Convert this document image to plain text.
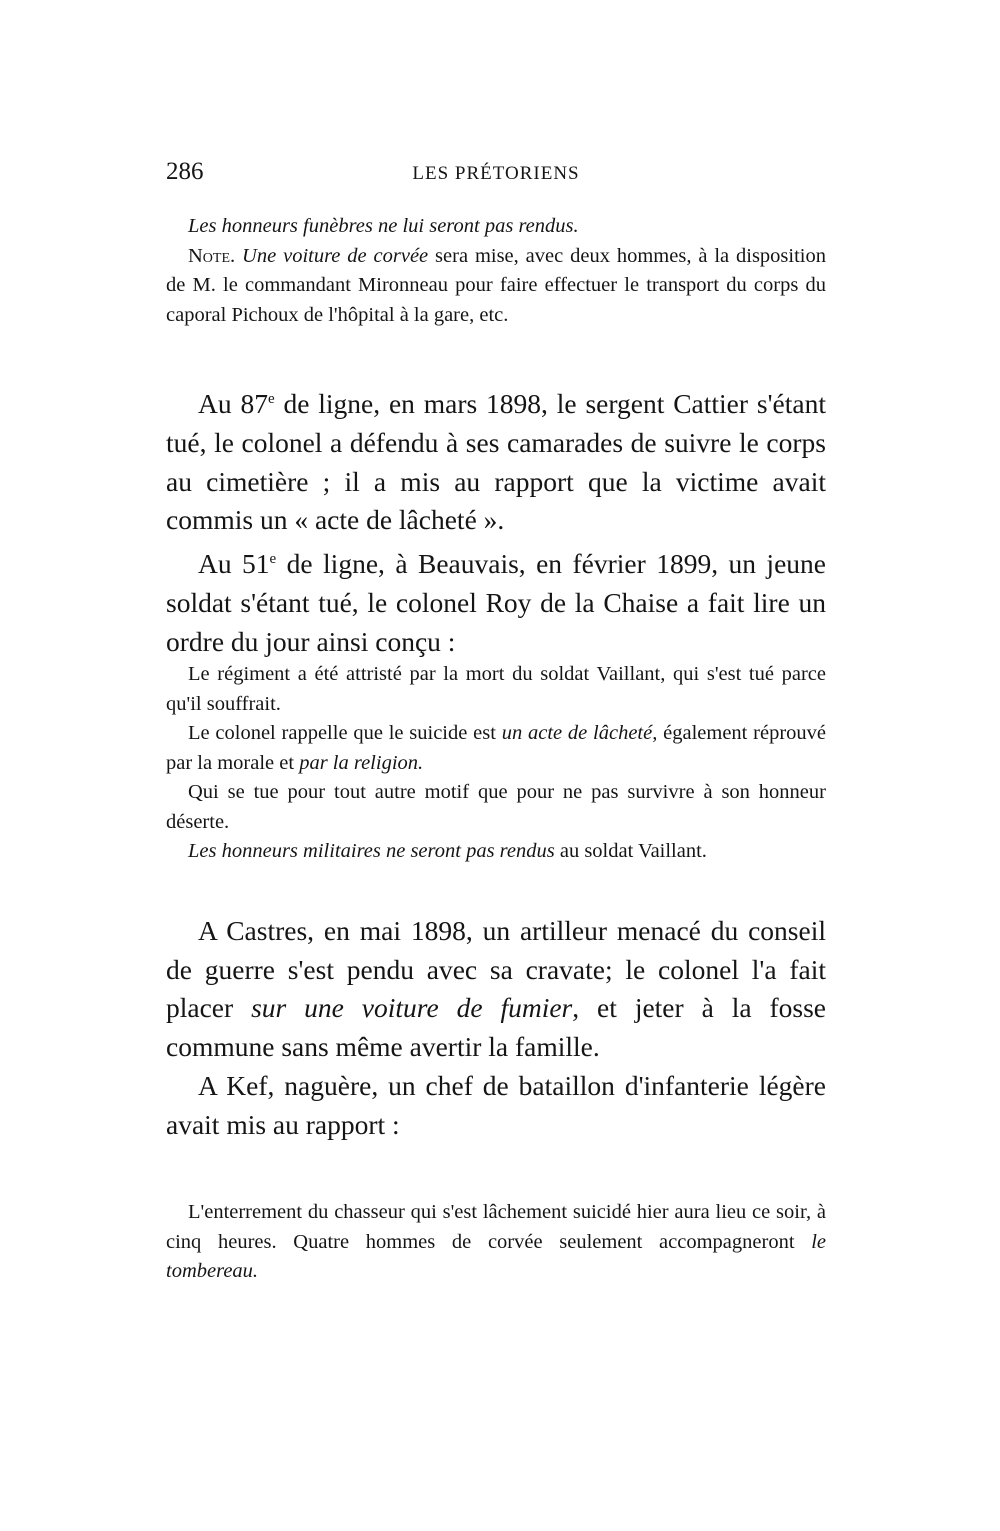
286	LES PRÉTORIENS

Les honneurs funèbres ne lui seront pas rendus.

Note. Une voiture de corvée sera mise, avec deux hommes, à la disposition de M. le commandant Mironneau pour faire effectuer le transport du corps du caporal Pichoux de l'hôpital à la gare, etc.

Au 87e de ligne, en mars 1898, le sergent Cattier s'étant tué, le colonel a défendu à ses camarades de suivre le corps au cimetière ; il a mis au rapport que la victime avait commis un « acte de lâcheté ».

Au 51e de ligne, à Beauvais, en février 1899, un jeune soldat s'étant tué, le colonel Roy de la Chaise a fait lire un ordre du jour ainsi conçu :

Le régiment a été attristé par la mort du soldat Vaillant, qui s'est tué parce qu'il souffrait.

Le colonel rappelle que le suicide est un acte de lâcheté, également réprouvé par la morale et par la religion.

Qui se tue pour tout autre motif que pour ne pas survivre à son honneur déserte.

Les honneurs militaires ne seront pas rendus au soldat Vaillant.

A Castres, en mai 1898, un artilleur menacé du conseil de guerre s'est pendu avec sa cravate; le colonel l'a fait placer sur une voiture de fumier, et jeter à la fosse commune sans même avertir la famille.

A Kef, naguère, un chef de bataillon d'infanterie légère avait mis au rapport :

L'enterrement du chasseur qui s'est lâchement suicidé hier aura lieu ce soir, à cinq heures. Quatre hommes de corvée seulement accompagneront le tombereau.
